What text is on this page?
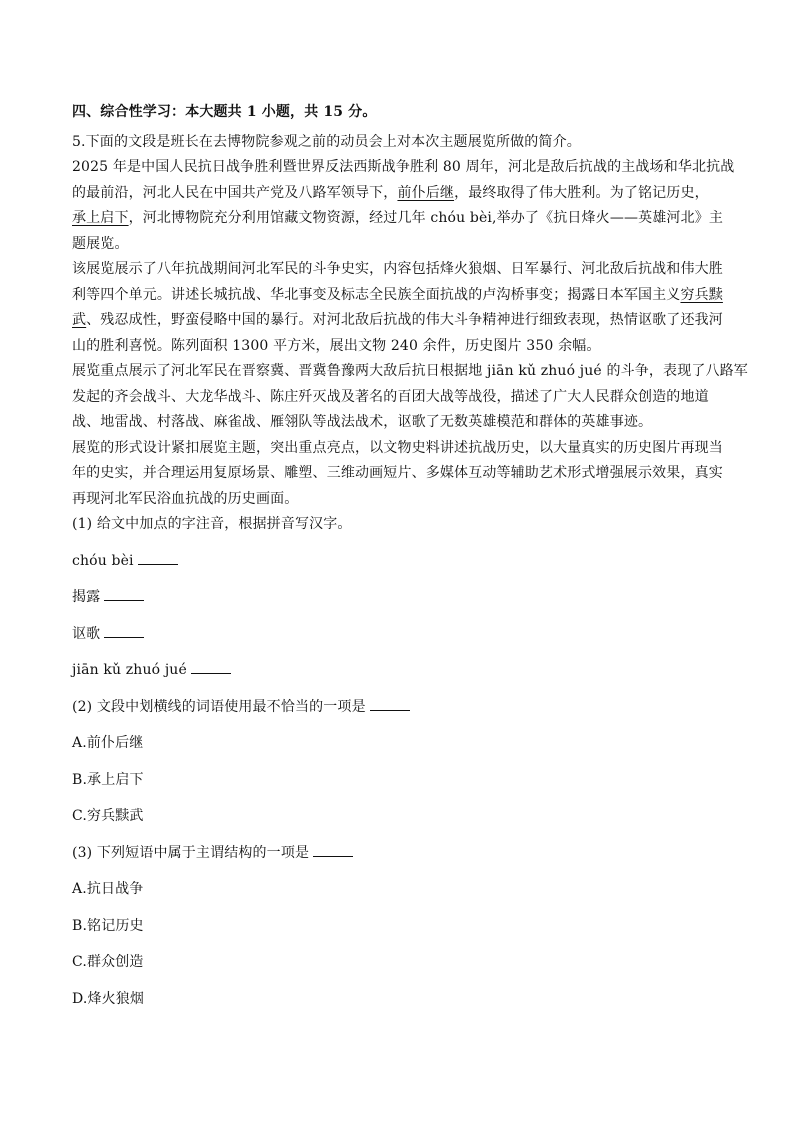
四、综合性学习：本大题共 1 小题，共 15 分。
5.下面的文段是班长在去博物院参观之前的动员会上对本次主题展览所做的简介。
2025 年是中国人民抗日战争胜利暨世界反法西斯战争胜利 80 周年，河北是敌后抗战的主战场和华北抗战
的最前沿，河北人民在中国共产党及八路军领导下，前仆后继，最终取得了伟大胜利。为了铭记历史，
承上启下，河北博物院充分利用馆藏文物资源，经过几年 chóu bèi,举办了《抗日烽火——英雄河北》主
题展览。
该展览展示了八年抗战期间河北军民的斗争史实，内容包括烽火狼烟、日军暴行、河北敌后抗战和伟大胜
利等四个单元。讲述长城抗战、华北事变及标志全民族全面抗战的卢沟桥事变；揭露日本军国主义穷兵黩
武、残忍成性，野蛮侵略中国的暴行。对河北敌后抗战的伟大斗争精神进行细致表现，热情讴歌了还我河
山的胜利喜悦。陈列面积 1300 平方米，展出文物 240 余件，历史图片 350 余幅。
展览重点展示了河北军民在晋察冀、晋冀鲁豫两大敌后抗日根据地 jiān kǔ zhuó jué 的斗争，表现了八路军
发起的齐会战斗、大龙华战斗、陈庄歼灭战及著名的百团大战等战役，描述了广大人民群众创造的地道
战、地雷战、村落战、麻雀战、雁翎队等战法战术，讴歌了无数英雄模范和群体的英雄事迹。
展览的形式设计紧扣展览主题，突出重点亮点，以文物史料讲述抗战历史，以大量真实的历史图片再现当
年的史实，并合理运用复原场景、雕塑、三维动画短片、多媒体互动等辅助艺术形式增强展示效果，真实
再现河北军民浴血抗战的历史画面。
(1) 给文中加点的字注音，根据拼音写汉字。
chóu bèi
揭露
讴歌
jiān kǔ zhuó jué
(2) 文段中划横线的词语使用最不恰当的一项是
A.前仆后继
B.承上启下
C.穷兵黩武
(3) 下列短语中属于主谓结构的一项是
A.抗日战争
B.铭记历史
C.群众创造
D.烽火狼烟
